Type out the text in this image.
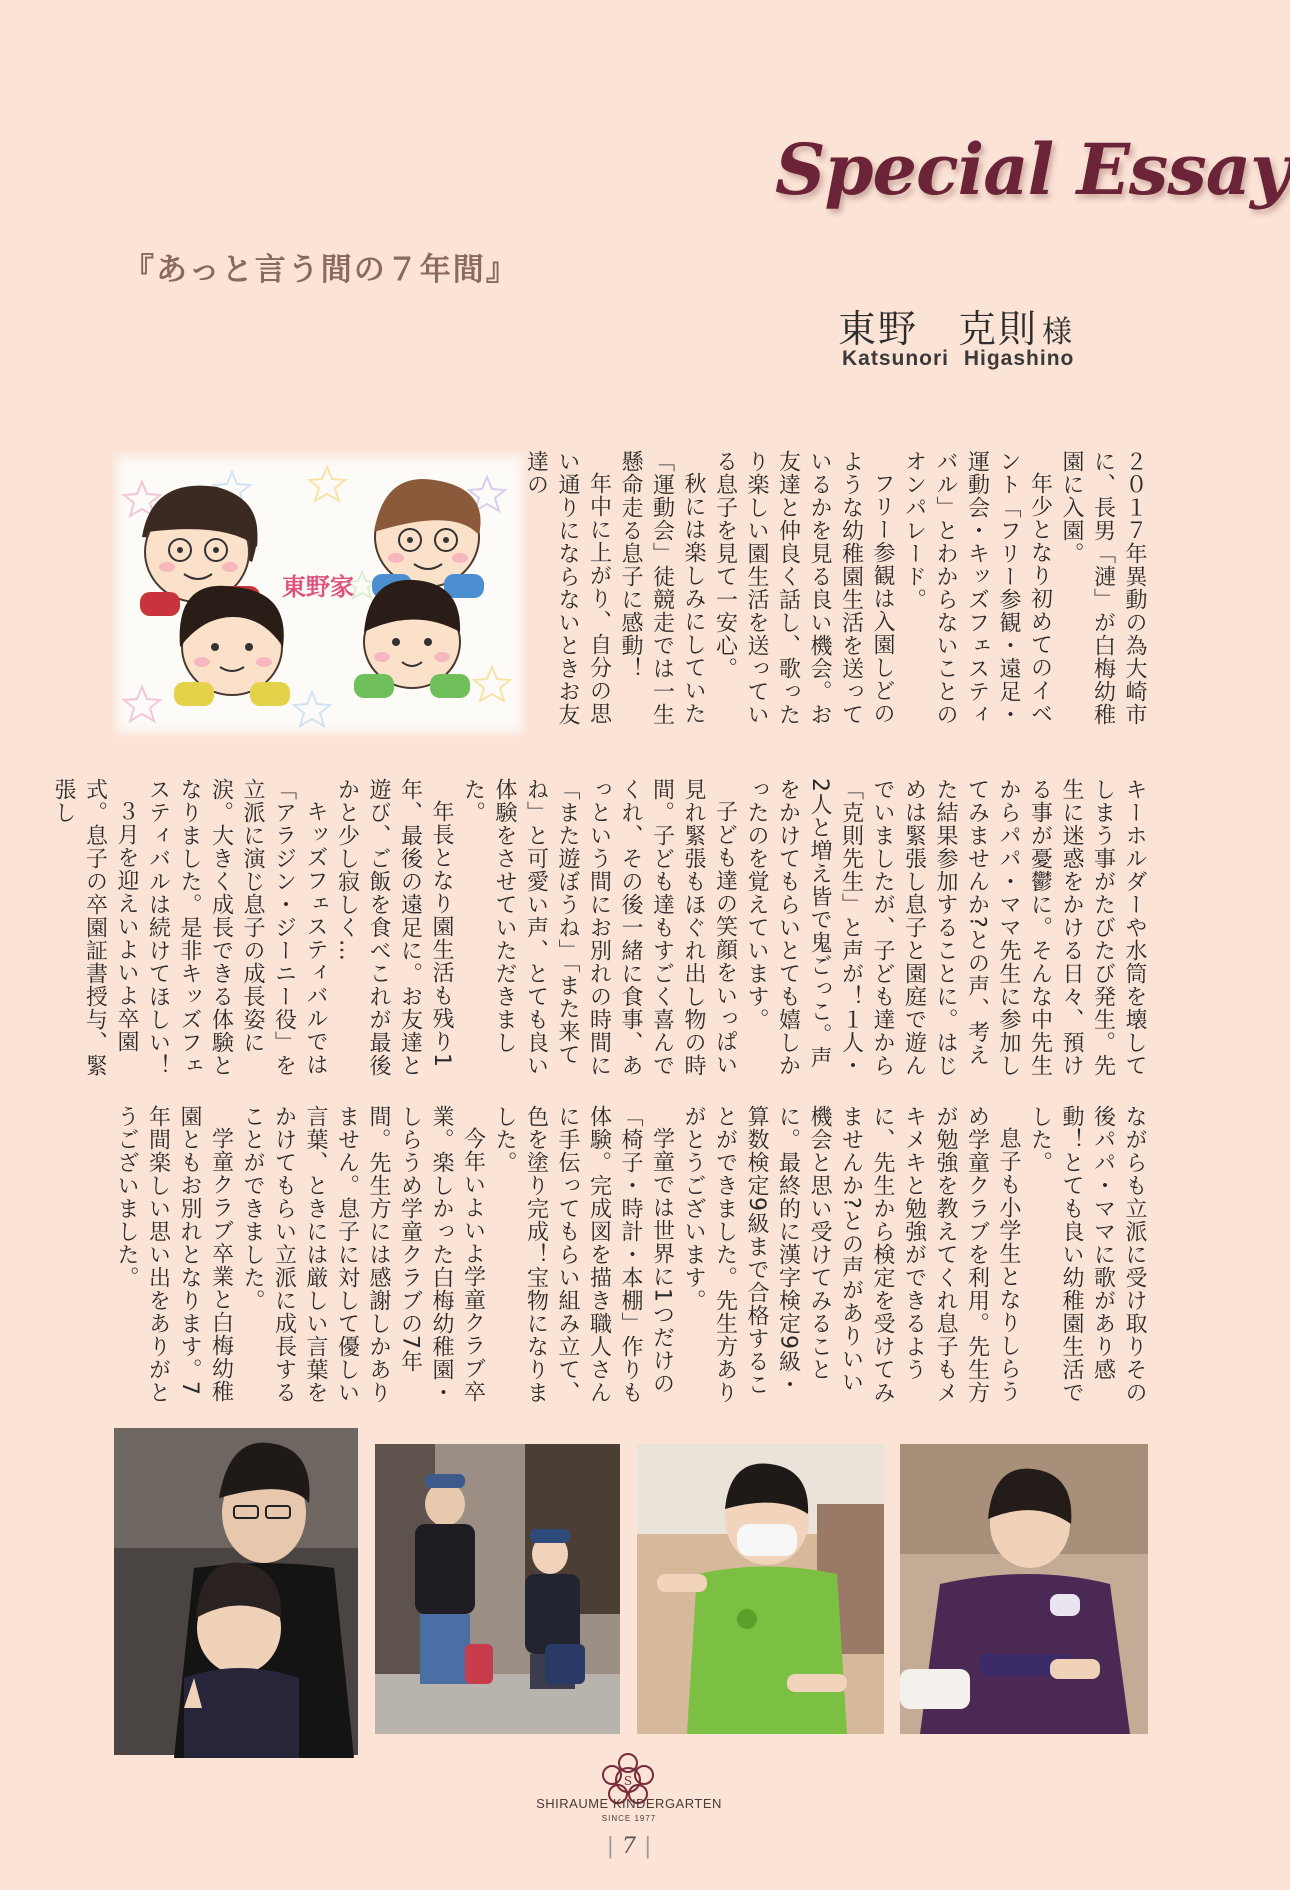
Special Essay
『あっと言う間の７年間』
東野　克則 様
Katsunori Higashino
東野家	２０１７年異動の為大崎市に、長男「漣」が白梅幼稚園に入園。

年少となり初めてのイベント「フリー参観・遠足・運動会・キッズフェスティバル」とわからないことのオンパレード。

フリー参観は入園しどのような幼稚園生活を送っているかを見る良い機会。お友達と仲良く話し、歌ったり楽しい園生活を送っている息子を見て一安心。

秋には楽しみにしていた「運動会」徒競走では一生懸命走る息子に感動！

年中に上がり、自分の思い通りにならないときお友達の

キーホルダーや水筒を壊してしまう事がたびたび発生。先生に迷惑をかける日々、預ける事が憂鬱に。そんな中先生からパパ・ママ先生に参加してみませんか?との声、考えた結果参加することに。はじめは緊張し息子と園庭で遊んでいましたが、子ども達から「克則先生」と声が！１人・2人と増え皆で鬼ごっこ。声をかけてもらいとても嬉しかったのを覚えています。

子ども達の笑顔をいっぱい見れ緊張もほぐれ出し物の時間。子ども達もすごく喜んでくれ、その後一緒に食事、あっという間にお別れの時間に「また遊ぼうね」「また来てね」と可愛い声、とても良い体験をさせていただきました。

年長となり園生活も残り1年、最後の遠足に。お友達と遊び、ご飯を食べこれが最後かと少し寂しく…

キッズフェスティバルでは「アラジン・ジーニー役」を立派に演じ息子の成長姿に涙。大きく成長できる体験となりました。是非キッズフェスティバルは続けてほしい！

３月を迎えいよいよ卒園式。息子の卒園証書授与、緊張し

ながらも立派に受け取りその後パパ・ママに歌があり感動！とても良い幼稚園生活でした。

息子も小学生となりしらうめ学童クラブを利用。先生方が勉強を教えてくれ息子もメキメキと勉強ができるように、先生から検定を受けてみませんか?との声がありいい機会と思い受けてみることに。最終的に漢字検定9級・算数検定9級まで合格することができました。先生方ありがとうございます。

学童では世界に1つだけの「椅子・時計・本棚」作りも体験。完成図を描き職人さんに手伝ってもらい組み立て、色を塗り完成！宝物になりました。

今年いよいよ学童クラブ卒業。楽しかった白梅幼稚園・しらうめ学童クラブの7年間。先生方には感謝しかありません。息子に対して優しい言葉、ときには厳しい言葉をかけてもらい立派に成長することができました。

学童クラブ卒業と白梅幼稚園ともお別れとなります。7年間楽しい思い出をありがとうございました。

S
SHIRAUME KINDERGARTEN
SINCE 1977
| 7 |
